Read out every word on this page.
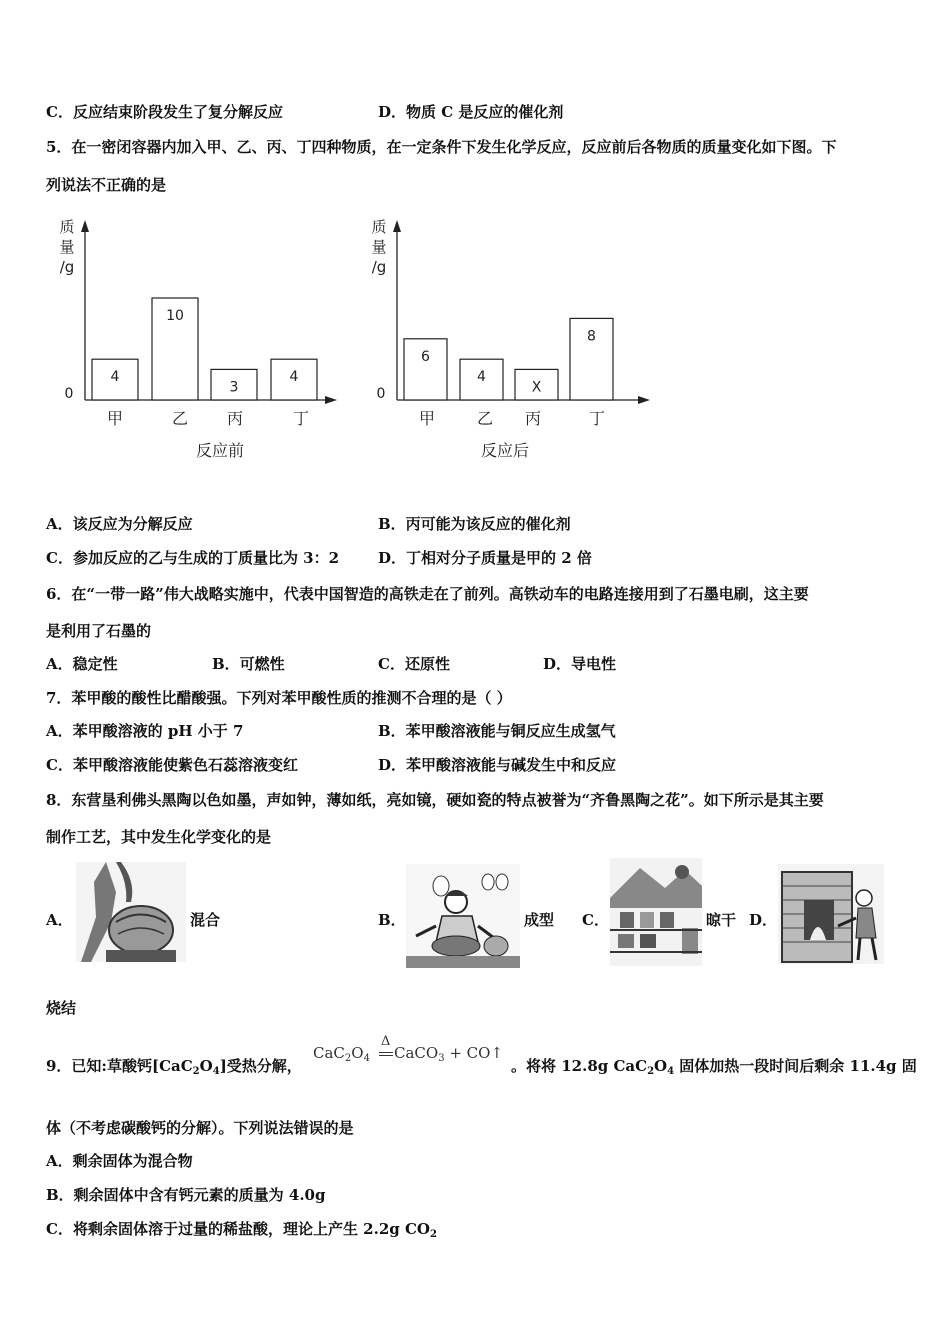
C．反应结束阶段发生了复分解反应	D．物质 C 是反应的催化剂
5．在一密闭容器内加入甲、乙、丙、丁四种物质，在一定条件下发生化学反应，反应前后各物质的质量变化如下图。下
列说法不正确的是
质
量
/g
0
4
甲
10
乙
3
丙
4
丁
反应前
质
量
/g
0
6
甲
4
乙
X
丙
8
丁
反应后
A．该反应为分解反应	B．丙可能为该反应的催化剂
C．参加反应的乙与生成的丁质量比为 3：2	D．丁相对分子质量是甲的 2 倍
6．在“一带一路”伟大战略实施中，代表中国智造的高铁走在了前列。高铁动车的电路连接用到了石墨电刷，这主要
是利用了石墨的
A．稳定性	B．可燃性	C．还原性	D．导电性
7．苯甲酸的酸性比醋酸强。下列对苯甲酸性质的推测不合理的是（ ）
A．苯甲酸溶液的 pH 小于 7	B．苯甲酸溶液能与铜反应生成氢气
C．苯甲酸溶液能使紫色石蕊溶液变红	D．苯甲酸溶液能与碱发生中和反应
8．东营垦利佛头黑陶以色如墨，声如钟，薄如纸，亮如镜，硬如瓷的特点被誉为“齐鲁黑陶之花”。如下所示是其主要
制作工艺，其中发生化学变化的是
A．	混合	B．	成型 C．	晾干 D．
烧结
9．已知:草酸钙$[CaC_2O_4]$受热分解，
Δ
$CaC_2O_4$ CaCO$_3$ + CO↑
。将将 12.8g $CaC_2O_4$ 固体加热一段时间后剩余 11.4g 固
体（不考虑碳酸钙的分解）。下列说法错误的是
A．剩余固体为混合物
B．剩余固体中含有钙元素的质量为 4.0g
C．将剩余固体溶于过量的稀盐酸，理论上产生 2.2g $CO_2$
